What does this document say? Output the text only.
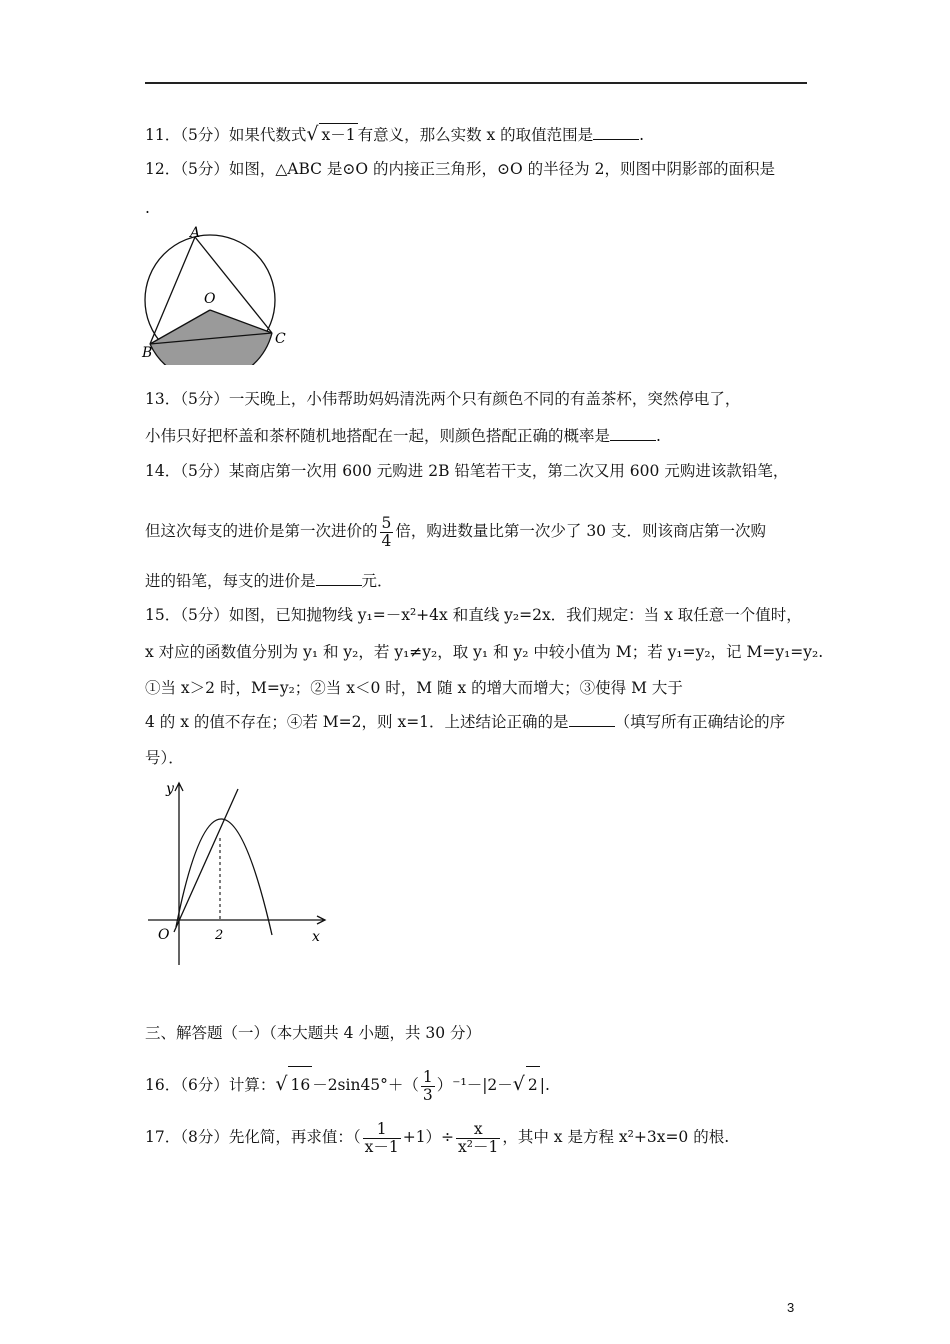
11．（5分）如果代数式√ x－1 有意义，那么实数 x 的取值范围是	.
12．（5分）如图，△ABC 是⊙O 的内接正三角形，⊙O 的半径为 2，则图中阴影部的面积是
.
A
O
B
C
13．（5分）一天晚上，小伟帮助妈妈清洗两个只有颜色不同的有盖茶杯，突然停电了，
小伟只好把杯盖和茶杯随机地搭配在一起，则颜色搭配正确的概率是	.
14．（5分）某商店第一次用 600 元购进 2B 铅笔若干支，第二次又用 600 元购进该款铅笔，
但这次每支的进价是第一次进价的 $\frac{5}{4}$ 倍，购进数量比第一次少了 30 支．则该商店第一次购
进的铅笔，每支的进价是	元．
15．（5分）如图，已知抛物线 y₁=－x²+4x 和直线 y₂=2x．我们规定：当 x 取任意一个值时，
x 对应的函数值分别为 y₁ 和 y₂，若 y₁≠y₂，取 y₁ 和 y₂ 中较小值为 M；若 y₁=y₂，记 M=y₁=y₂.
①当 x＞2 时，M=y₂；②当 x＜0 时，M 随 x 的增大而增大；③使得 M 大于
4 的 x 的值不存在；④若 M=2，则 x=1．上述结论正确的是	（填写所有正确结论的序
号）．
y
x
O	2
三、解答题（一）（本大题共 4 小题，共 30 分）
16．（6分）计算：√ $16 -2\sin 45^\circ+( \frac{1}{3} )^{-1}-|2-√$ 2 |.
17．（8分）先化简，再求值：（ $\frac{1}{x-1} +1)\div \frac{x}{\text{x²－1}}$ ，其中 x 是方程 x²+3x=0 的根.
3
